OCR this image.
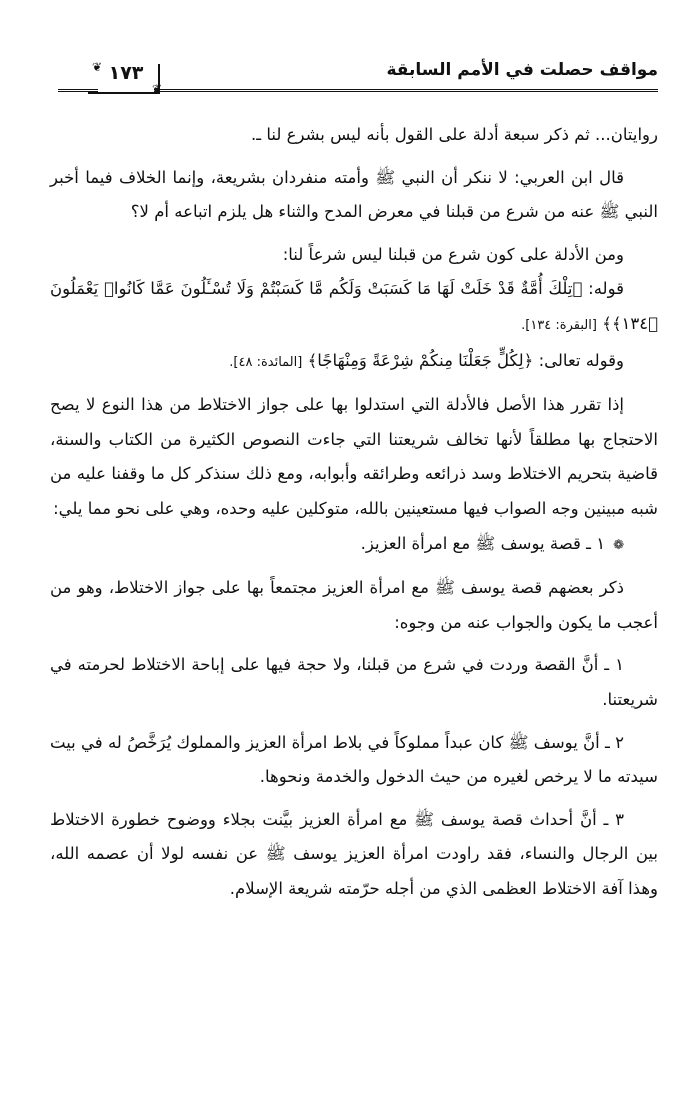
مواقف حصلت في الأمم السابقة
١٧٣
❦
❦

روايتان... ثم ذكر سبعة أدلة على القول بأنه ليس بشرع لنا ـ.

قال ابن العربي: لا ننكر أن النبي ﷺ وأمته منفردان بشريعة، وإنما الخلاف فيما أخبر النبي ﷺ عنه من شرع من قبلنا في معرض المدح والثناء هل يلزم اتباعه أم لا؟

ومن الأدلة على كون شرع من قبلنا ليس شرعاً لنا:

قوله: ﴿تِلْكَ أُمَّةٌ قَدْ خَلَتْ لَهَا مَا كَسَبَتْ وَلَكُم مَّا كَسَبْتُمْ وَلَا تُسْـَٔلُونَ عَمَّا كَانُوا۟ يَعْمَلُونَ ﴿١٣٤﴾﴾ [البقرة: ١٣٤].

وقوله تعالى: ﴿لِكُلٍّ جَعَلْنَا مِنكُمْ شِرْعَةً وَمِنْهَاجًا﴾ [المائدة: ٤٨].

إذا تقرر هذا الأصل فالأدلة التي استدلوا بها على جواز الاختلاط من هذا النوع لا يصح الاحتجاج بها مطلقاً لأنها تخالف شريعتنا التي جاءت النصوص الكثيرة من الكتاب والسنة، قاضية بتحريم الاختلاط وسد ذرائعه وطرائقه وأبوابه، ومع ذلك سنذكر كل ما وقفنا عليه من شبه مبينين وجه الصواب فيها مستعينين بالله، متوكلين عليه وحده، وهي على نحو مما يلي:

❁١ ـ قصة يوسف ﷺ مع امرأة العزيز.

ذكر بعضهم قصة يوسف ﷺ مع امرأة العزيز مجتمعاً بها على جواز الاختلاط، وهو من أعجب ما يكون والجواب عنه من وجوه:

١ ـ أنَّ القصة وردت في شرع من قبلنا، ولا حجة فيها على إباحة الاختلاط لحرمته في شريعتنا.

٢ ـ أنَّ يوسف ﷺ كان عبداً مملوكاً في بلاط امرأة العزيز والمملوك يُرَخَّصُ له في بيت سيدته ما لا يرخص لغيره من حيث الدخول والخدمة ونحوها.

٣ ـ أنَّ أحداث قصة يوسف ﷺ مع امرأة العزيز بيَّنت بجلاء ووضوح خطورة الاختلاط بين الرجال والنساء، فقد راودت امرأة العزيز يوسف ﷺ عن نفسه لولا أن عصمه الله، وهذا آفة الاختلاط العظمى الذي من أجله حرّمته شريعة الإسلام.
